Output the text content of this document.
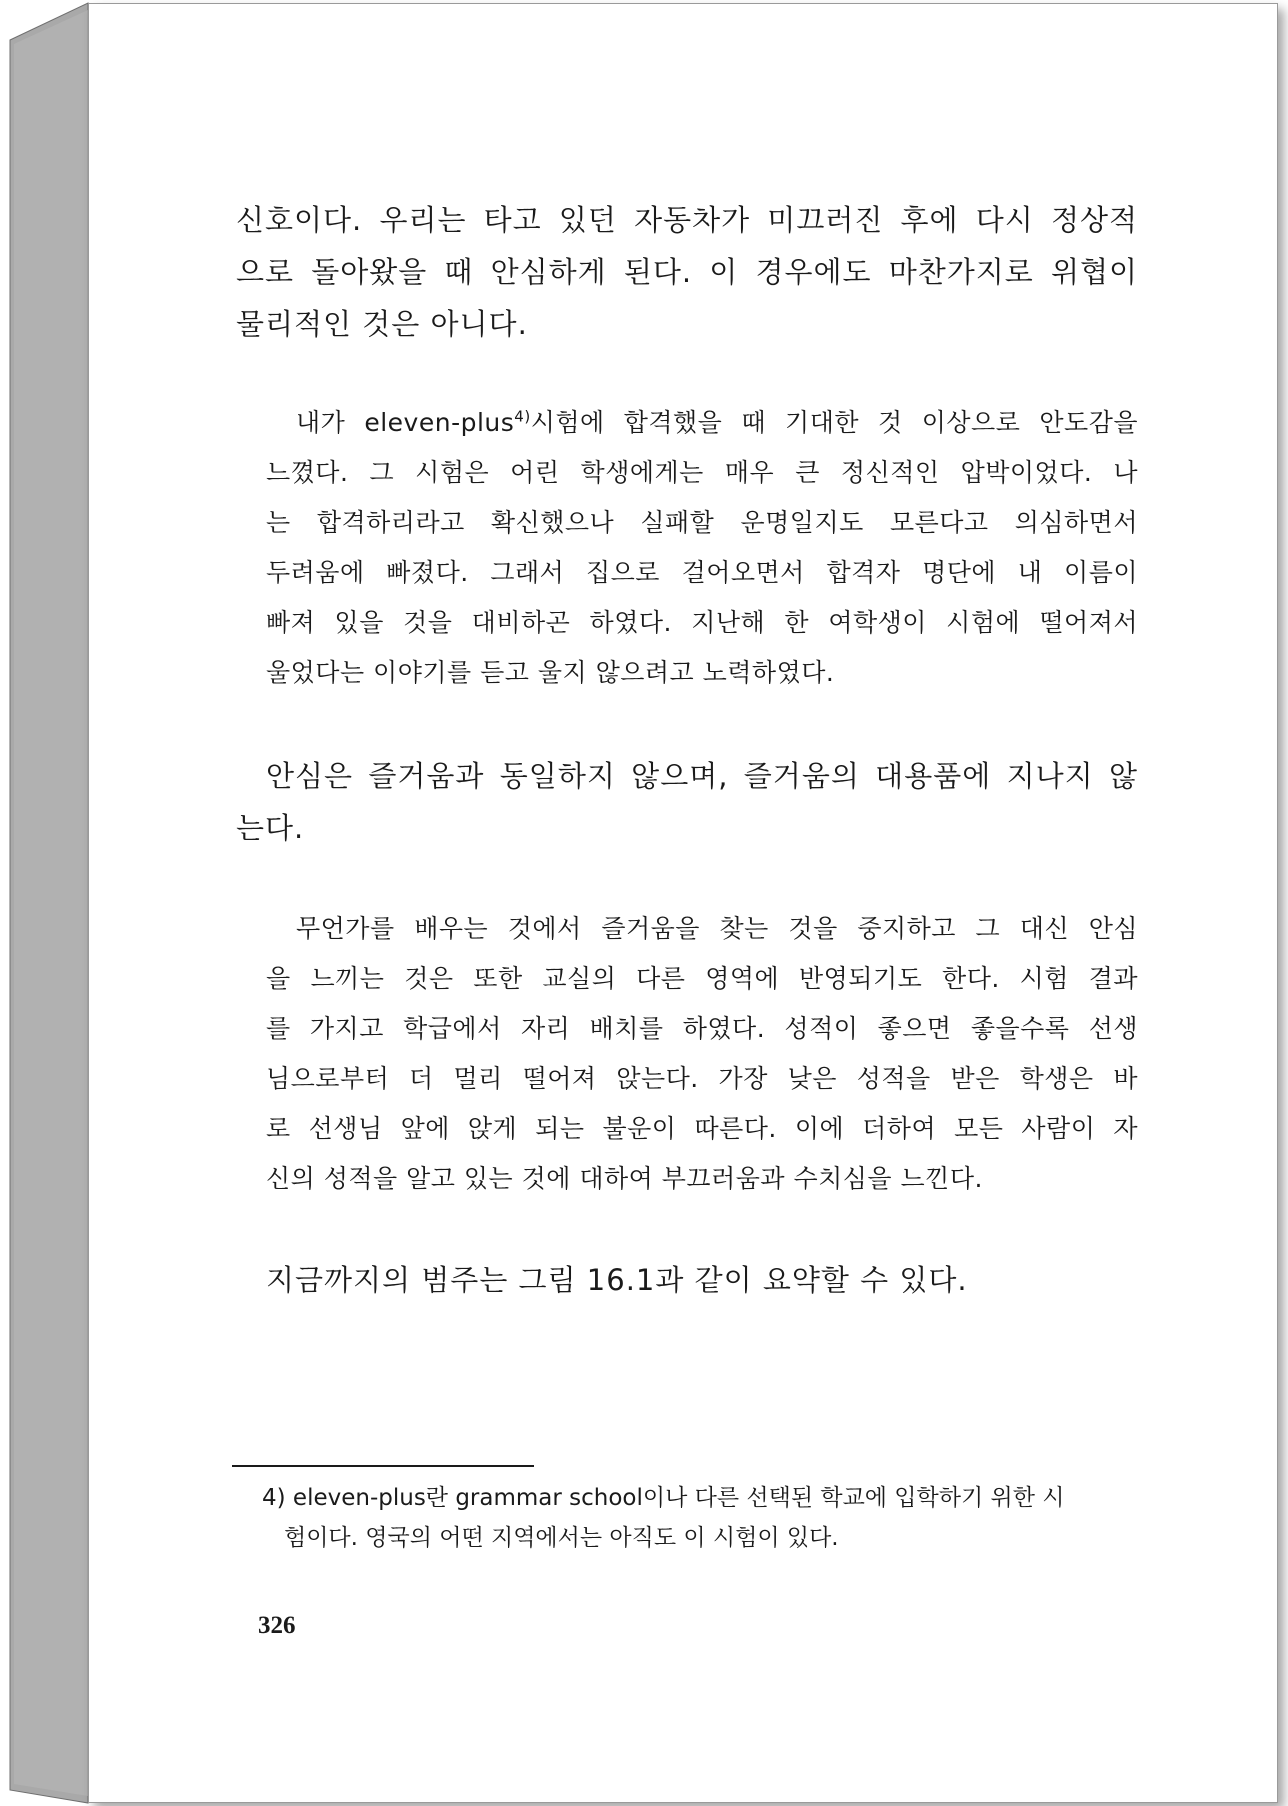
신호이다. 우리는 타고 있던 자동차가 미끄러진 후에 다시 정상적
으로 돌아왔을 때 안심하게 된다. 이 경우에도 마찬가지로 위협이
물리적인 것은 아니다.
내가 eleven-plus$^{4)}$시험에 합격했을 때 기대한 것 이상으로 안도감을
느꼈다. 그 시험은 어린 학생에게는 매우 큰 정신적인 압박이었다. 나
는 합격하리라고 확신했으나 실패할 운명일지도 모른다고 의심하면서
두려움에 빠졌다. 그래서 집으로 걸어오면서 합격자 명단에 내 이름이
빠져 있을 것을 대비하곤 하였다. 지난해 한 여학생이 시험에 떨어져서
울었다는 이야기를 듣고 울지 않으려고 노력하였다.
안심은 즐거움과 동일하지 않으며, 즐거움의 대용품에 지나지 않
는다.
무언가를 배우는 것에서 즐거움을 찾는 것을 중지하고 그 대신 안심
을 느끼는 것은 또한 교실의 다른 영역에 반영되기도 한다. 시험 결과
를 가지고 학급에서 자리 배치를 하였다. 성적이 좋으면 좋을수록 선생
님으로부터 더 멀리 떨어져 앉는다. 가장 낮은 성적을 받은 학생은 바
로 선생님 앞에 앉게 되는 불운이 따른다. 이에 더하여 모든 사람이 자
신의 성적을 알고 있는 것에 대하여 부끄러움과 수치심을 느낀다.
지금까지의 범주는 그림 16.1과 같이 요약할 수 있다.

4) eleven-plus란 grammar school이나 다른 선택된 학교에 입학하기 위한 시
험이다. 영국의 어떤 지역에서는 아직도 이 시험이 있다.

326
